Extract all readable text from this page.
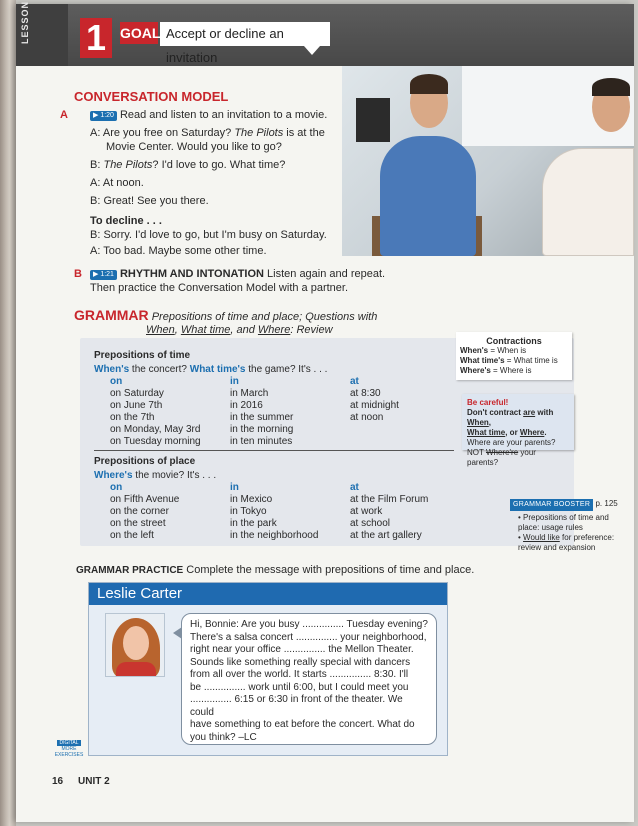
LESSON 1 GOAL Accept or decline an invitation
CONVERSATION MODEL
A	▶ 1:20 Read and listen to an invitation to a movie.
A: Are you free on Saturday? The Pilots is at the
Movie Center. Would you like to go?
B: The Pilots? I'd love to go. What time?
A: At noon.
B: Great! See you there.
To decline . . .
B: Sorry. I'd love to go, but I'm busy on Saturday.
A: Too bad. Maybe some other time.
B	▶ 1:21 RHYTHM AND INTONATION Listen again and repeat.
Then practice the Conversation Model with a partner.
GRAMMAR Prepositions of time and place; Questions with
When, What time, and Where: Review
Prepositions of time
When's the concert? What time's the game? It's . . .
on
on Saturday
on June 7th
on the 7th
on Monday, May 3rd
on Tuesday morning
in
in March
in 2016
in the summer
in the morning
in ten minutes
at
at 8:30
at midnight
at noon
Prepositions of place
Where's the movie? It's . . .
on
on Fifth Avenue
on the corner
on the street
on the left
in
in Mexico
in Tokyo
in the park
in the neighborhood
at
at the Film Forum
at work
at school
at the art gallery
Contractions
When's = When is
What time's = What time is
Where's = Where is
Be careful!
Don't contract are with When,
What time, or Where.
Where are your parents?
NOT Where're your parents?
GRAMMAR BOOSTER p. 125
• Prepositions of time and place: usage rules
• Would like for preference: review and expansion
GRAMMAR PRACTICE Complete the message with prepositions of time and place.
Leslie Carter
Hi, Bonnie: Are you busy ............... Tuesday evening?
There's a salsa concert ............... your neighborhood,
right near your office ............... the Mellon Theater.
Sounds like something really special with dancers
from all over the world. It starts ............... 8:30. I'll
be ............... work until 6:00, but I could meet you
............... 6:15 or 6:30 in front of the theater. We could
have something to eat before the concert. What do
you think? –LC
DIGITAL
MORE
EXERCISES
16 UNIT 2
